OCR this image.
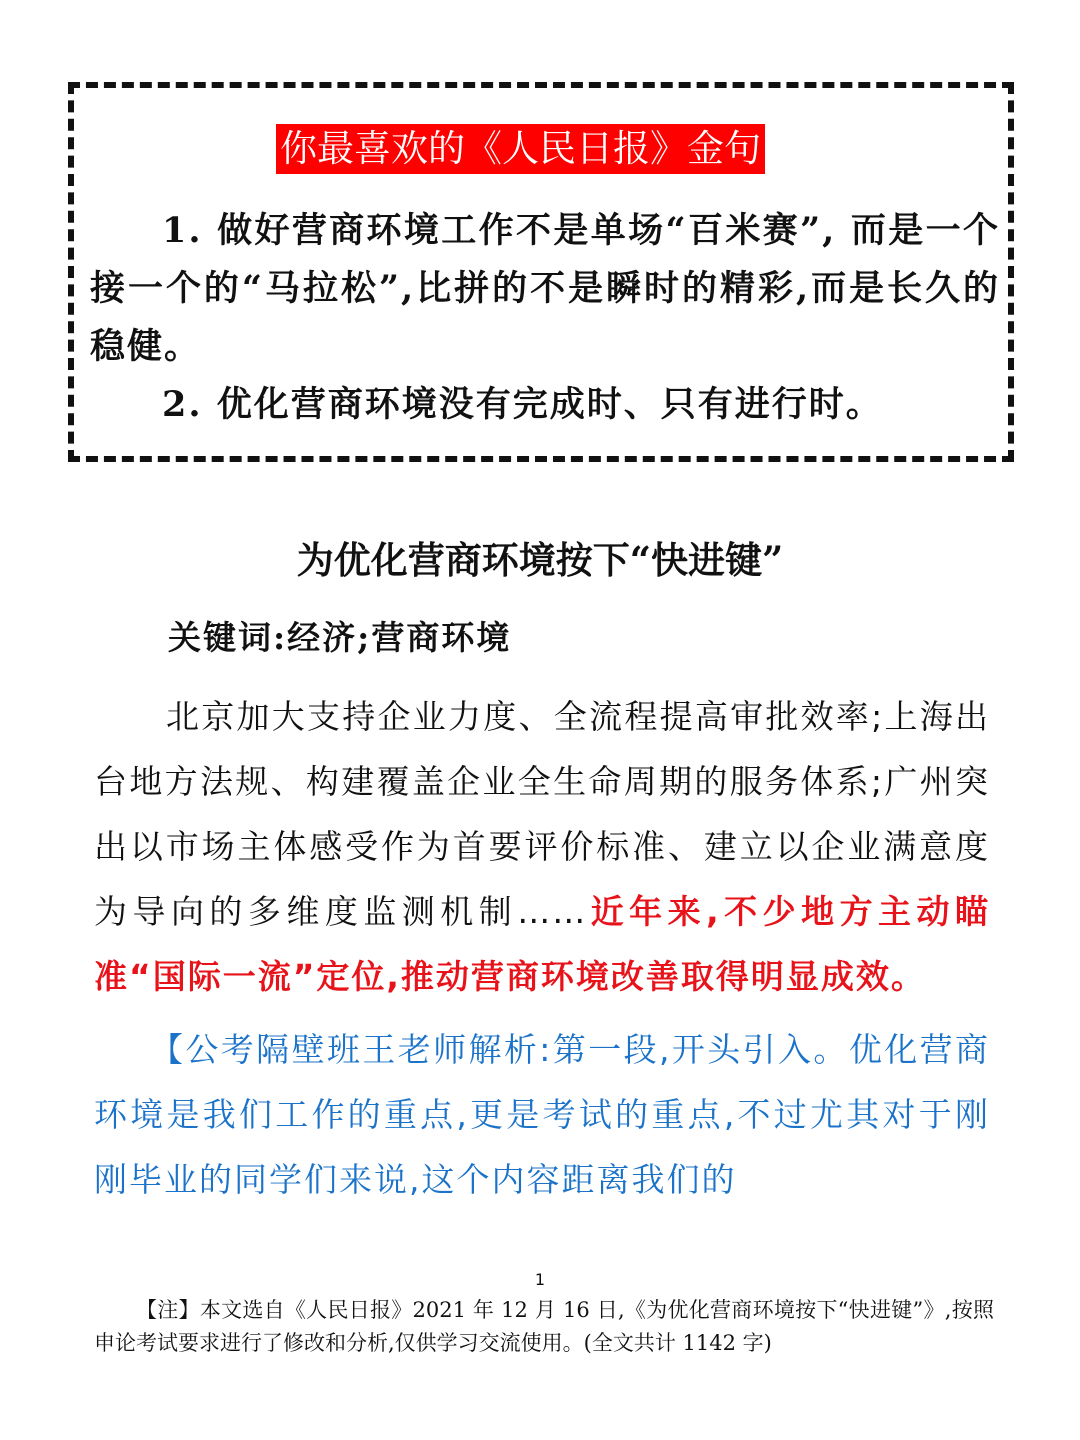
你最喜欢的《人民日报》金句

1. 做好营商环境工作不是单场“百米赛”, 而是一个接一个的“马拉松”,比拼的不是瞬时的精彩,而是长久的稳健。

2. 优化营商环境没有完成时、只有进行时。

为优化营商环境按下“快进键”
关键词:经济;营商环境

北京加大支持企业力度、全流程提高审批效率;上海出台地方法规、构建覆盖企业全生命周期的服务体系;广州突出以市场主体感受作为首要评价标准、建立以企业满意度为导向的多维度监测机制……近年来,不少地方主动瞄准“国际一流”定位,推动营商环境改善取得明显成效。

【公考隔壁班王老师解析:第一段,开头引入。优化营商环境是我们工作的重点,更是考试的重点,不过尤其对于刚刚毕业的同学们来说,这个内容距离我们的

1

【注】本文选自《人民日报》2021 年 12 月 16 日,《为优化营商环境按下“快进键”》,按照申论考试要求进行了修改和分析,仅供学习交流使用。(全文共计 1142 字)
